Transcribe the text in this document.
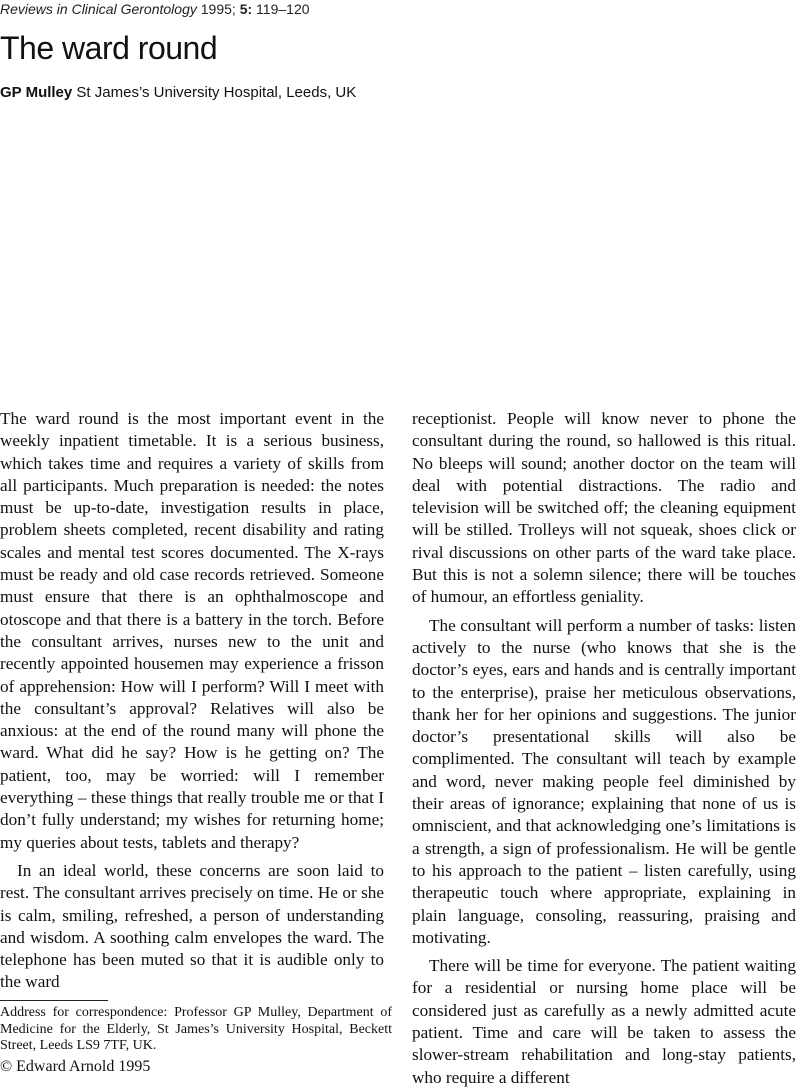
Reviews in Clinical Gerontology 1995; 5: 119–120
The ward round
GP Mulley St James’s University Hospital, Leeds, UK

The ward round is the most important event in the weekly inpatient timetable. It is a serious business, which takes time and requires a variety of skills from all participants. Much preparation is needed: the notes must be up-to-date, investigation results in place, problem sheets completed, recent disability and rating scales and mental test scores documented. The X-rays must be ready and old case records retrieved. Someone must ensure that there is an ophthalmoscope and otoscope and that there is a battery in the torch. Before the consultant arrives, nurses new to the unit and recently appointed housemen may experience a frisson of apprehension: How will I perform? Will I meet with the consultant’s approval? Relatives will also be anxious: at the end of the round many will phone the ward. What did he say? How is he getting on? The patient, too, may be worried: will I remember everything – these things that really trouble me or that I don’t fully understand; my wishes for returning home; my queries about tests, tablets and therapy?

In an ideal world, these concerns are soon laid to rest. The consultant arrives precisely on time. He or she is calm, smiling, refreshed, a person of understanding and wisdom. A soothing calm envelopes the ward. The telephone has been muted so that it is audible only to the ward

receptionist. People will know never to phone the consultant during the round, so hallowed is this ritual. No bleeps will sound; another doctor on the team will deal with potential distractions. The radio and television will be switched off; the cleaning equipment will be stilled. Trolleys will not squeak, shoes click or rival discussions on other parts of the ward take place. But this is not a solemn silence; there will be touches of humour, an effortless geniality.

The consultant will perform a number of tasks: listen actively to the nurse (who knows that she is the doctor’s eyes, ears and hands and is centrally important to the enterprise), praise her meticulous observations, thank her for her opinions and suggestions. The junior doctor’s presentational skills will also be complimented. The consultant will teach by example and word, never making people feel diminished by their areas of ignorance; explaining that none of us is omniscient, and that acknowledging one’s limitations is a strength, a sign of professionalism. He will be gentle to his approach to the patient – listen carefully, using therapeutic touch where appropriate, explaining in plain language, consoling, reassuring, praising and motivating.

There will be time for everyone. The patient waiting for a residential or nursing home place will be considered just as carefully as a newly admitted acute patient. Time and care will be taken to assess the slower-stream rehabilitation and long-stay patients, who require a different

Address for correspondence: Professor GP Mulley, Department of Medicine for the Elderly, St James’s University Hospital, Beckett Street, Leeds LS9 7TF, UK.
© Edward Arnold 1995
